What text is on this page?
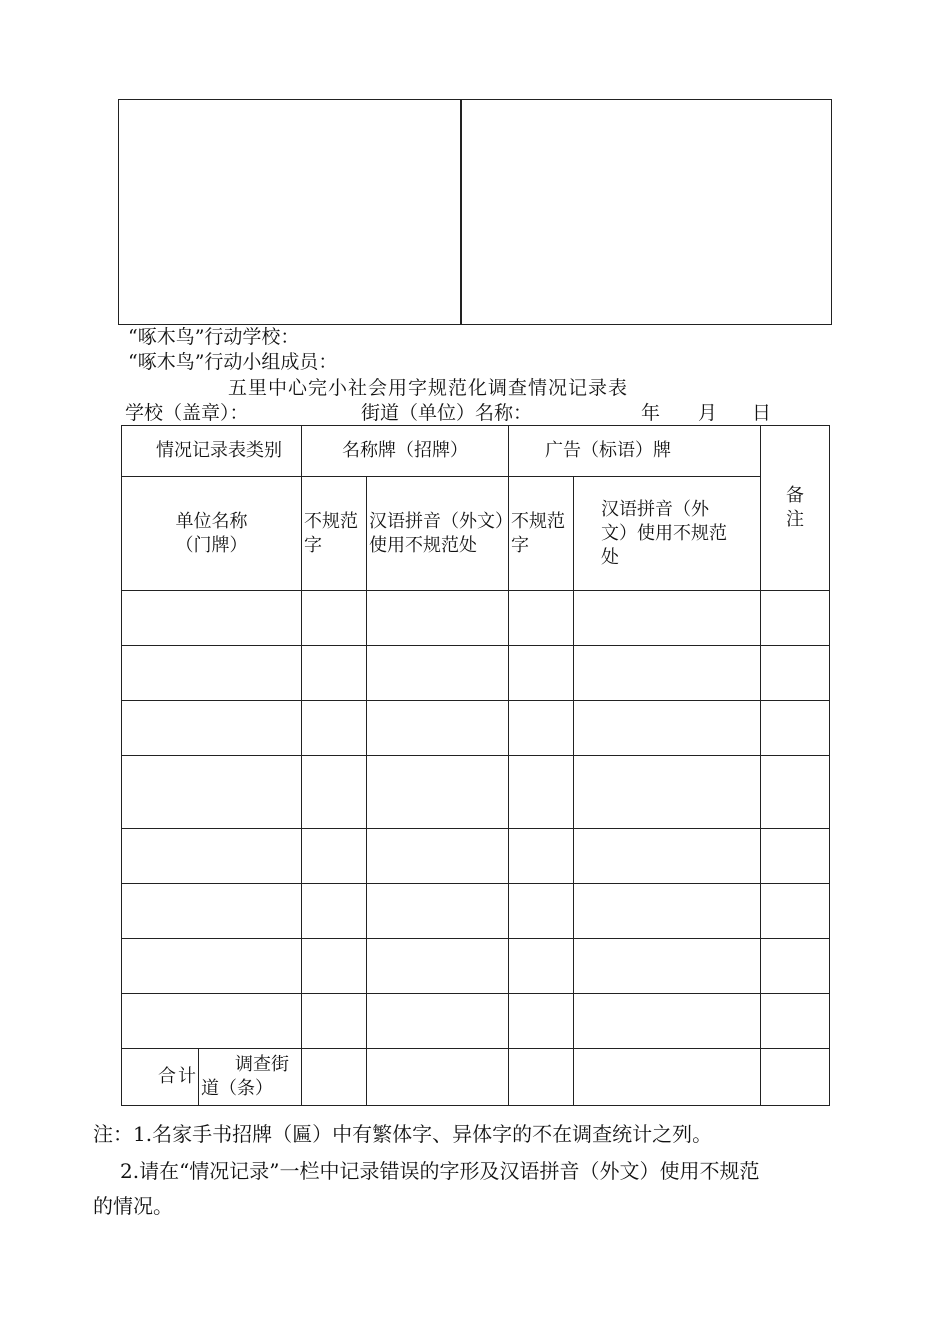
“啄木鸟”行动学校：
“啄木鸟”行动小组成员：
五里中心完小社会用字规范化调查情况记录表
学校（盖章）：	街道（单位）名称：	年 月 日
情况记录表类别		名称牌（招牌）		广告（标语）牌		备注

单位名称（门牌）		不规范字	汉语拼音（外文）使用不规范处	不规范字	汉语拼音（外文）使用不规范处	

合计	调查街道（条）					
注：1.名家手书招牌（匾）中有繁体字、异体字的不在调查统计之列。
2.请在“情况记录”一栏中记录错误的字形及汉语拼音（外文）使用不规范
的情况。
